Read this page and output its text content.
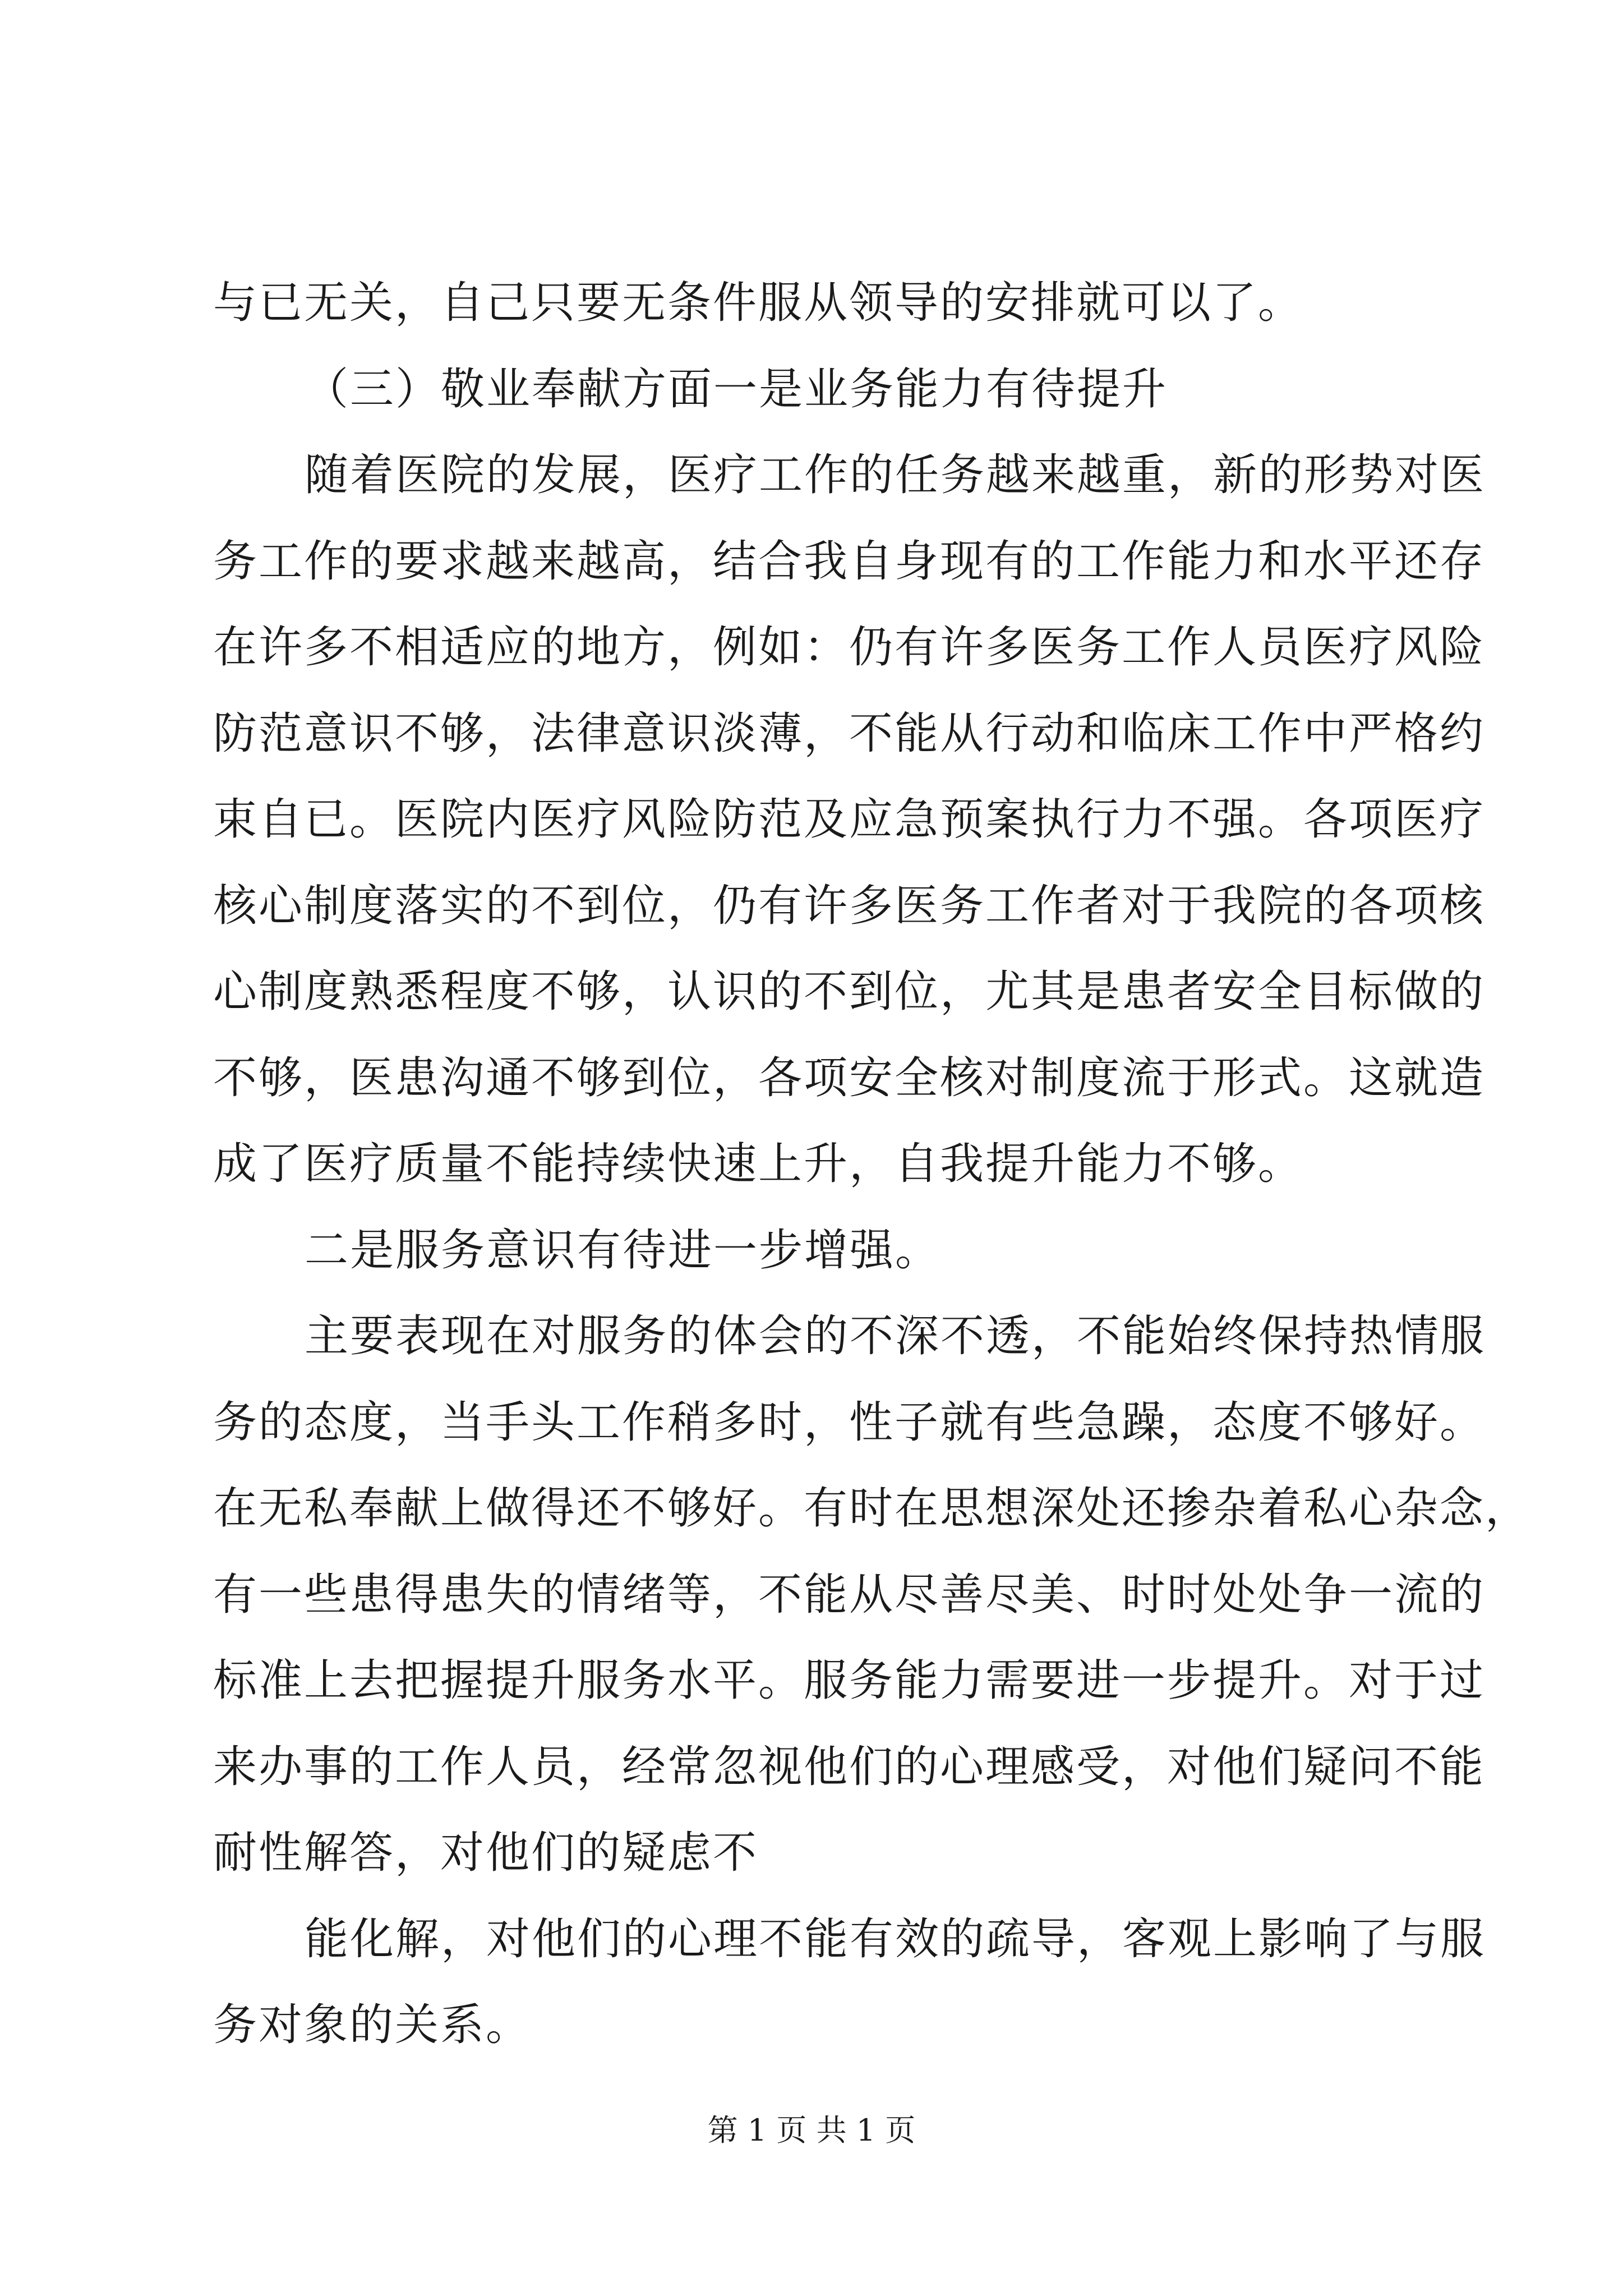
与已无关，自己只要无条件服从领导的安排就可以了。
（三）敬业奉献方面一是业务能力有待提升
随着医院的发展，医疗工作的任务越来越重，新的形势对医
务工作的要求越来越高，结合我自身现有的工作能力和水平还存
在许多不相适应的地方，例如：仍有许多医务工作人员医疗风险
防范意识不够，法律意识淡薄，不能从行动和临床工作中严格约
束自已。医院内医疗风险防范及应急预案执行力不强。各项医疗
核心制度落实的不到位，仍有许多医务工作者对于我院的各项核
心制度熟悉程度不够，认识的不到位，尤其是患者安全目标做的
不够，医患沟通不够到位，各项安全核对制度流于形式。这就造
成了医疗质量不能持续快速上升，自我提升能力不够。
二是服务意识有待进一步增强。
主要表现在对服务的体会的不深不透，不能始终保持热情服
务的态度，当手头工作稍多时，性子就有些急躁，态度不够好。
在无私奉献上做得还不够好。有时在思想深处还掺杂着私心杂念，
有一些患得患失的情绪等，不能从尽善尽美、时时处处争一流的
标准上去把握提升服务水平。服务能力需要进一步提升。对于过
来办事的工作人员，经常忽视他们的心理感受，对他们疑问不能
耐性解答，对他们的疑虑不
能化解，对他们的心理不能有效的疏导，客观上影响了与服
务对象的关系。
第 1 页 共 1 页
